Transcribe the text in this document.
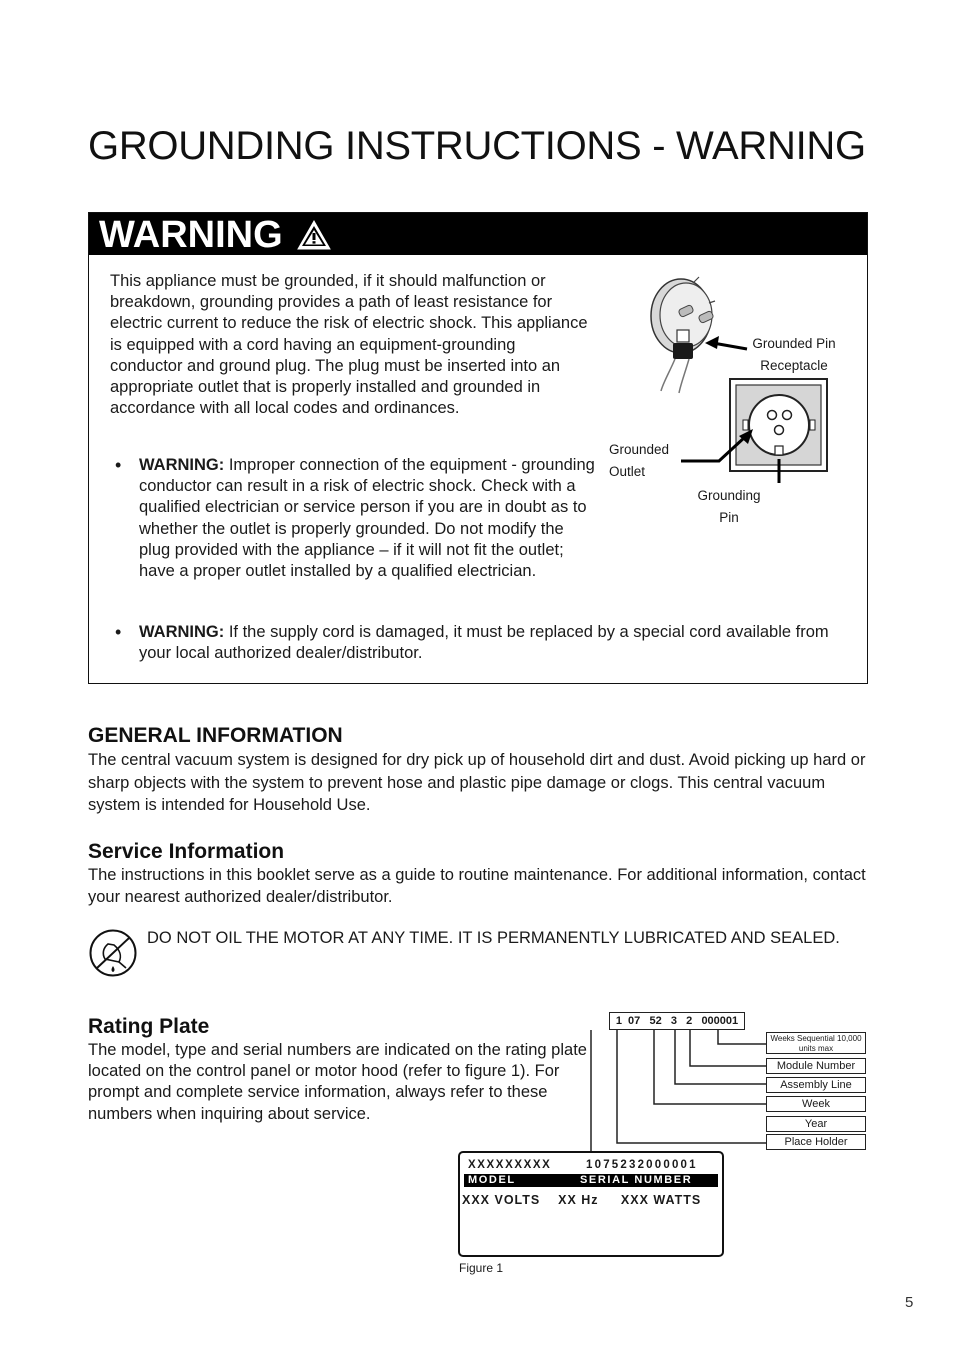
GROUNDING INSTRUCTIONS - WARNING
WARNING
This appliance must be grounded, if it should malfunction or breakdown, grounding provides a path of least resistance for electric current to reduce the risk of electric shock. This appliance is equipped with a cord having an equipment-grounding conductor and ground plug. The plug must be inserted into an appropriate outlet that is properly installed and grounded in accordance with all local codes and ordinances.
• WARNING: Improper connection of the equipment - grounding conductor can result in a risk of electric shock. Check with a qualified electrician or service person if you are in doubt as to whether the outlet is properly grounded. Do not modify the plug provided with the appliance – if it will not fit the outlet; have a proper outlet installed by a qualified electrician.
• WARNING: If the supply cord is damaged, it must be replaced by a special cord available from your local authorized dealer/distributor.
Grounded Pin
Receptacle
Grounded
Outlet
Grounding
Pin
GENERAL INFORMATION
The central vacuum system is designed for dry pick up of household dirt and dust. Avoid picking up hard or sharp objects with the system to prevent hose and plastic pipe damage or clogs. This central vacuum system is intended for Household Use.
Service Information
The instructions in this booklet serve as a guide to routine maintenance. For additional information, contact your nearest authorized dealer/distributor.
DO NOT OIL THE MOTOR AT ANY TIME. IT IS PERMANENTLY LUBRICATED AND SEALED.
Rating Plate
The model, type and serial numbers are indicated on the rating plate located on the control panel or motor hood (refer to figure 1). For prompt and complete service information, always refer to these numbers when inquiring about service.
1  07   52   3   2   000001
Weeks Sequential 10,000 units max
Module Number
Assembly Line
Week
Year
Place Holder
XXXXXXXXX	1075232000001
MODEL	SERIAL NUMBER
XXX VOLTS    XX Hz     XXX WATTS
Figure 1
5
